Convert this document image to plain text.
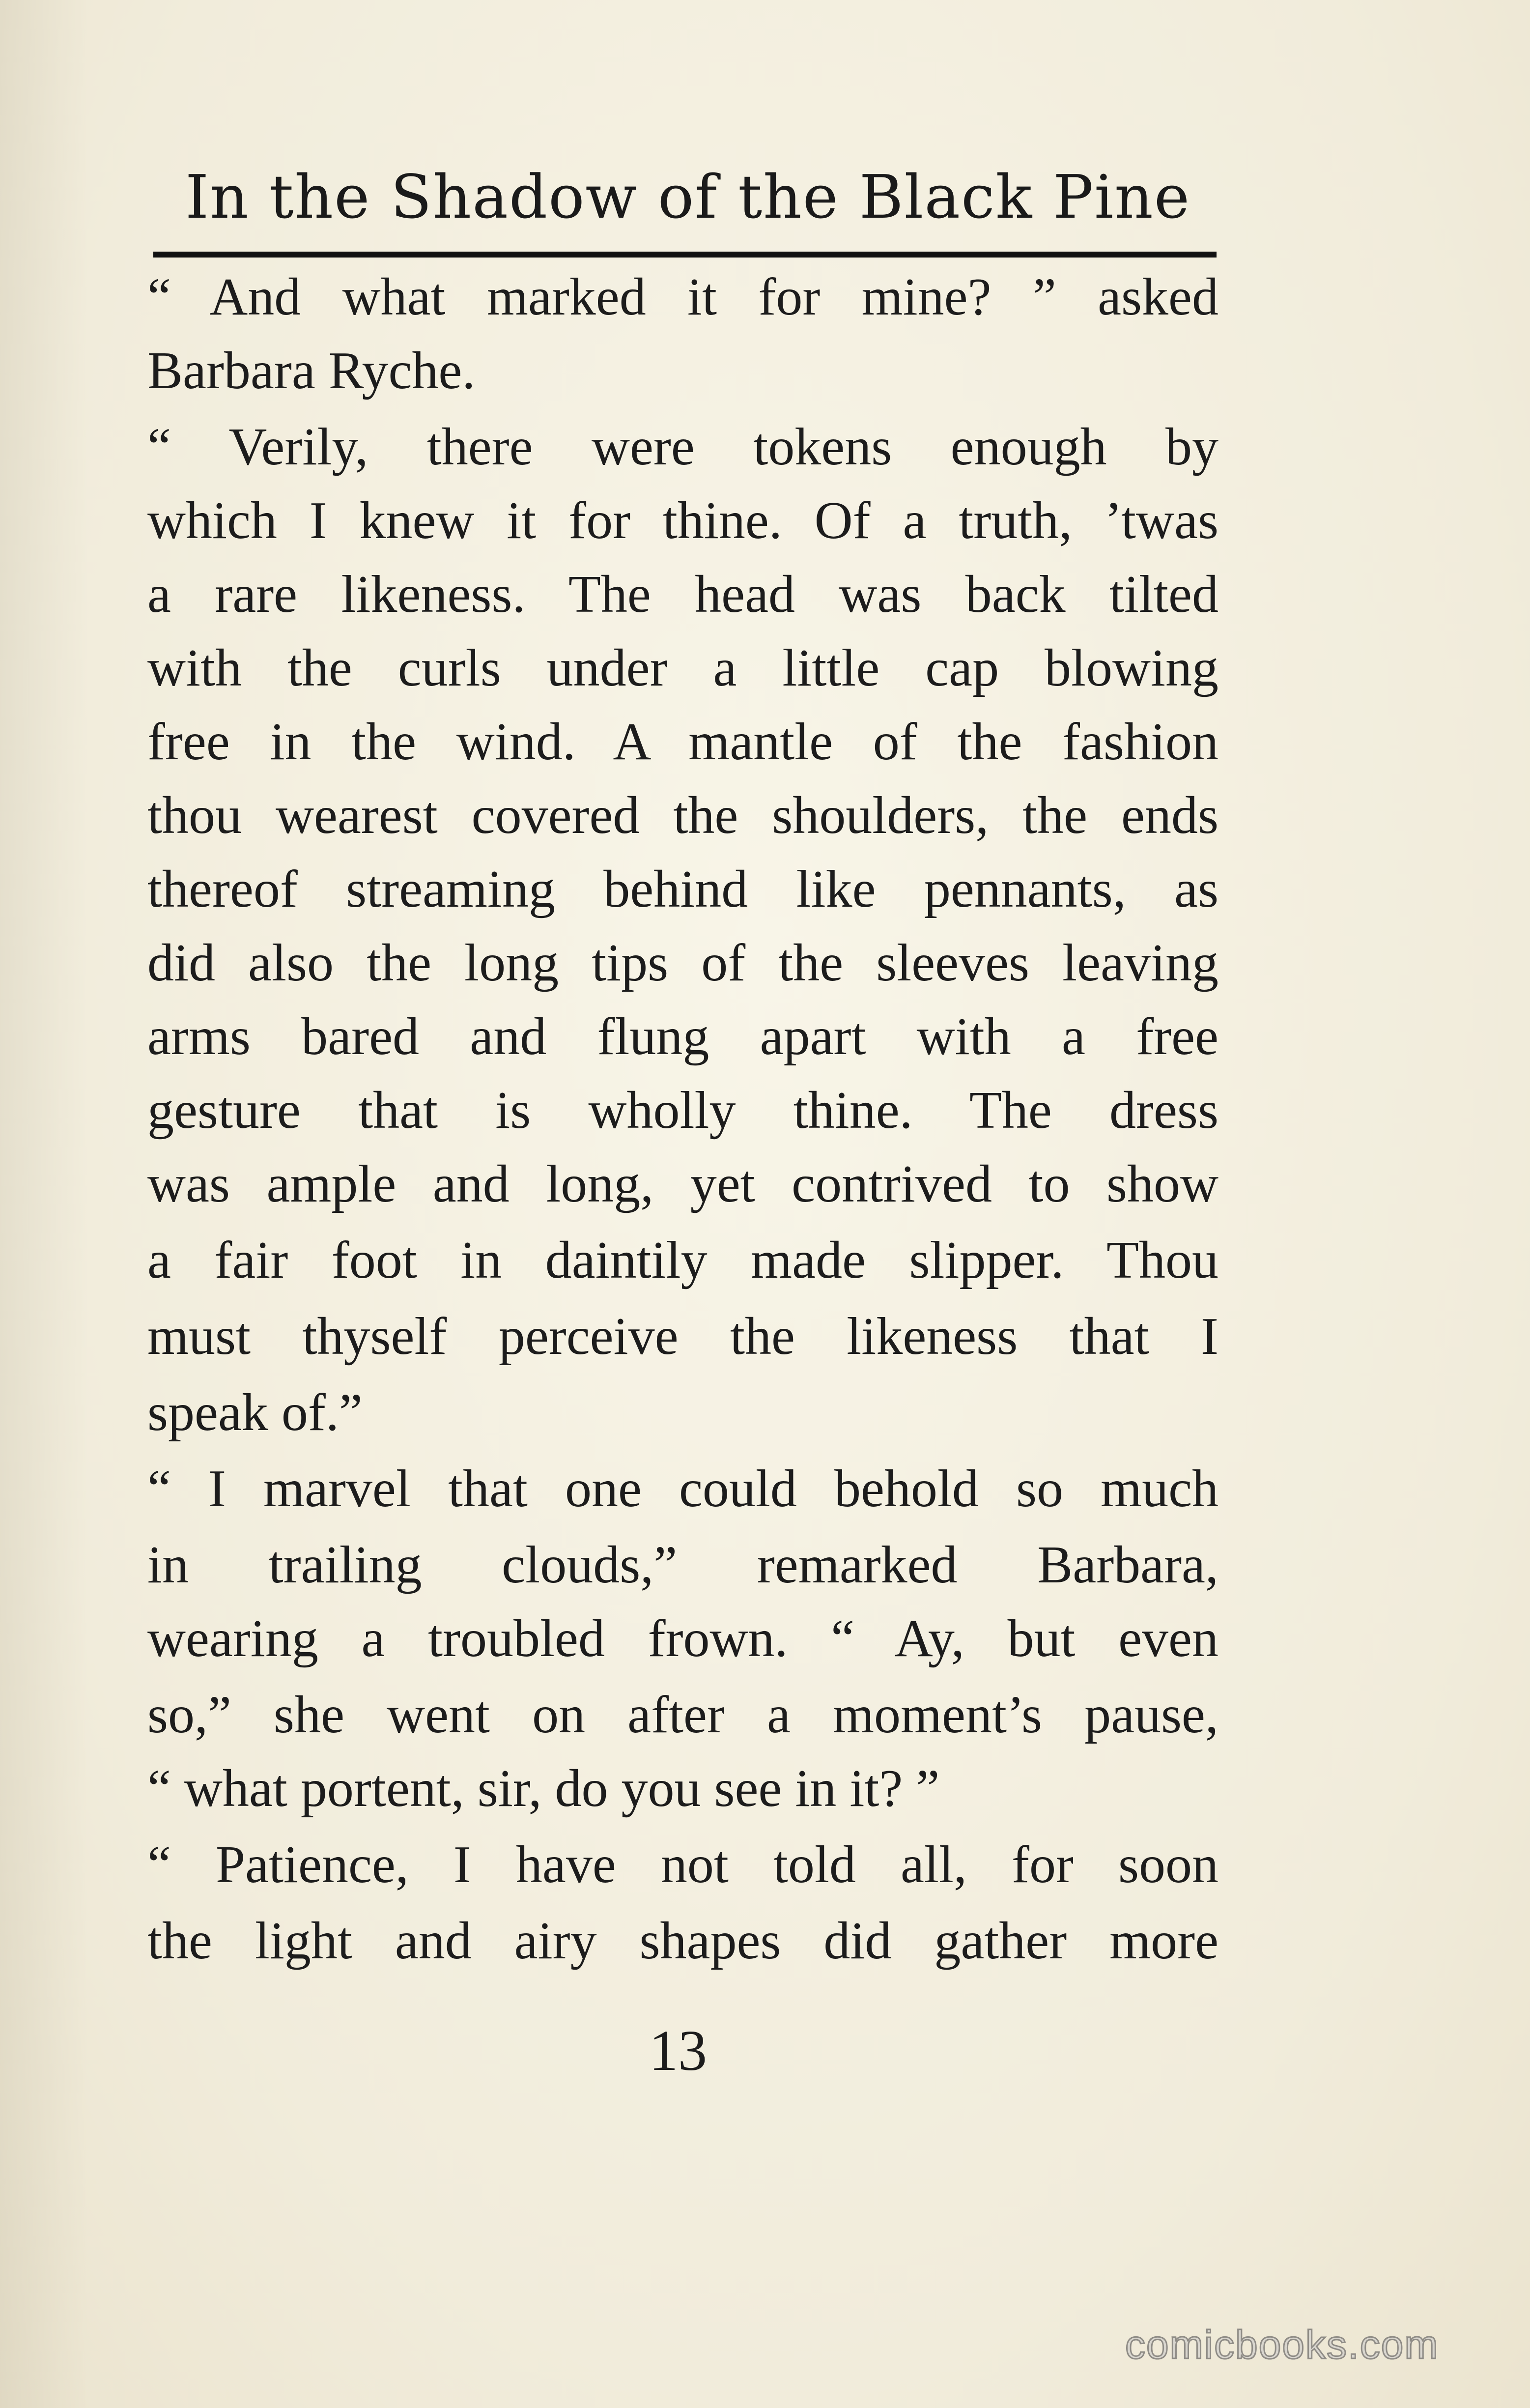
In the Shadow of the Black Pine
“ And what marked it for mine? ” asked
Barbara Ryche.
“ Verily, there were tokens enough by
which I knew it for thine. Of a truth, ’twas
a rare likeness. The head was back tilted
with the curls under a little cap blowing
free in the wind. A mantle of the fashion
thou wearest covered the shoulders, the ends
thereof streaming behind like pennants, as
did also the long tips of the sleeves leaving
arms bared and flung apart with a free
gesture that is wholly thine. The dress
was ample and long, yet contrived to show
a fair foot in daintily made slipper. Thou
must thyself perceive the likeness that I
speak of.”
“ I marvel that one could behold so much
in trailing clouds,” remarked Barbara,
wearing a troubled frown. “ Ay, but even
so,” she went on after a moment’s pause,
“ what portent, sir, do you see in it? ”
“ Patience, I have not told all, for soon
the light and airy shapes did gather more
13
comicbooks.com
